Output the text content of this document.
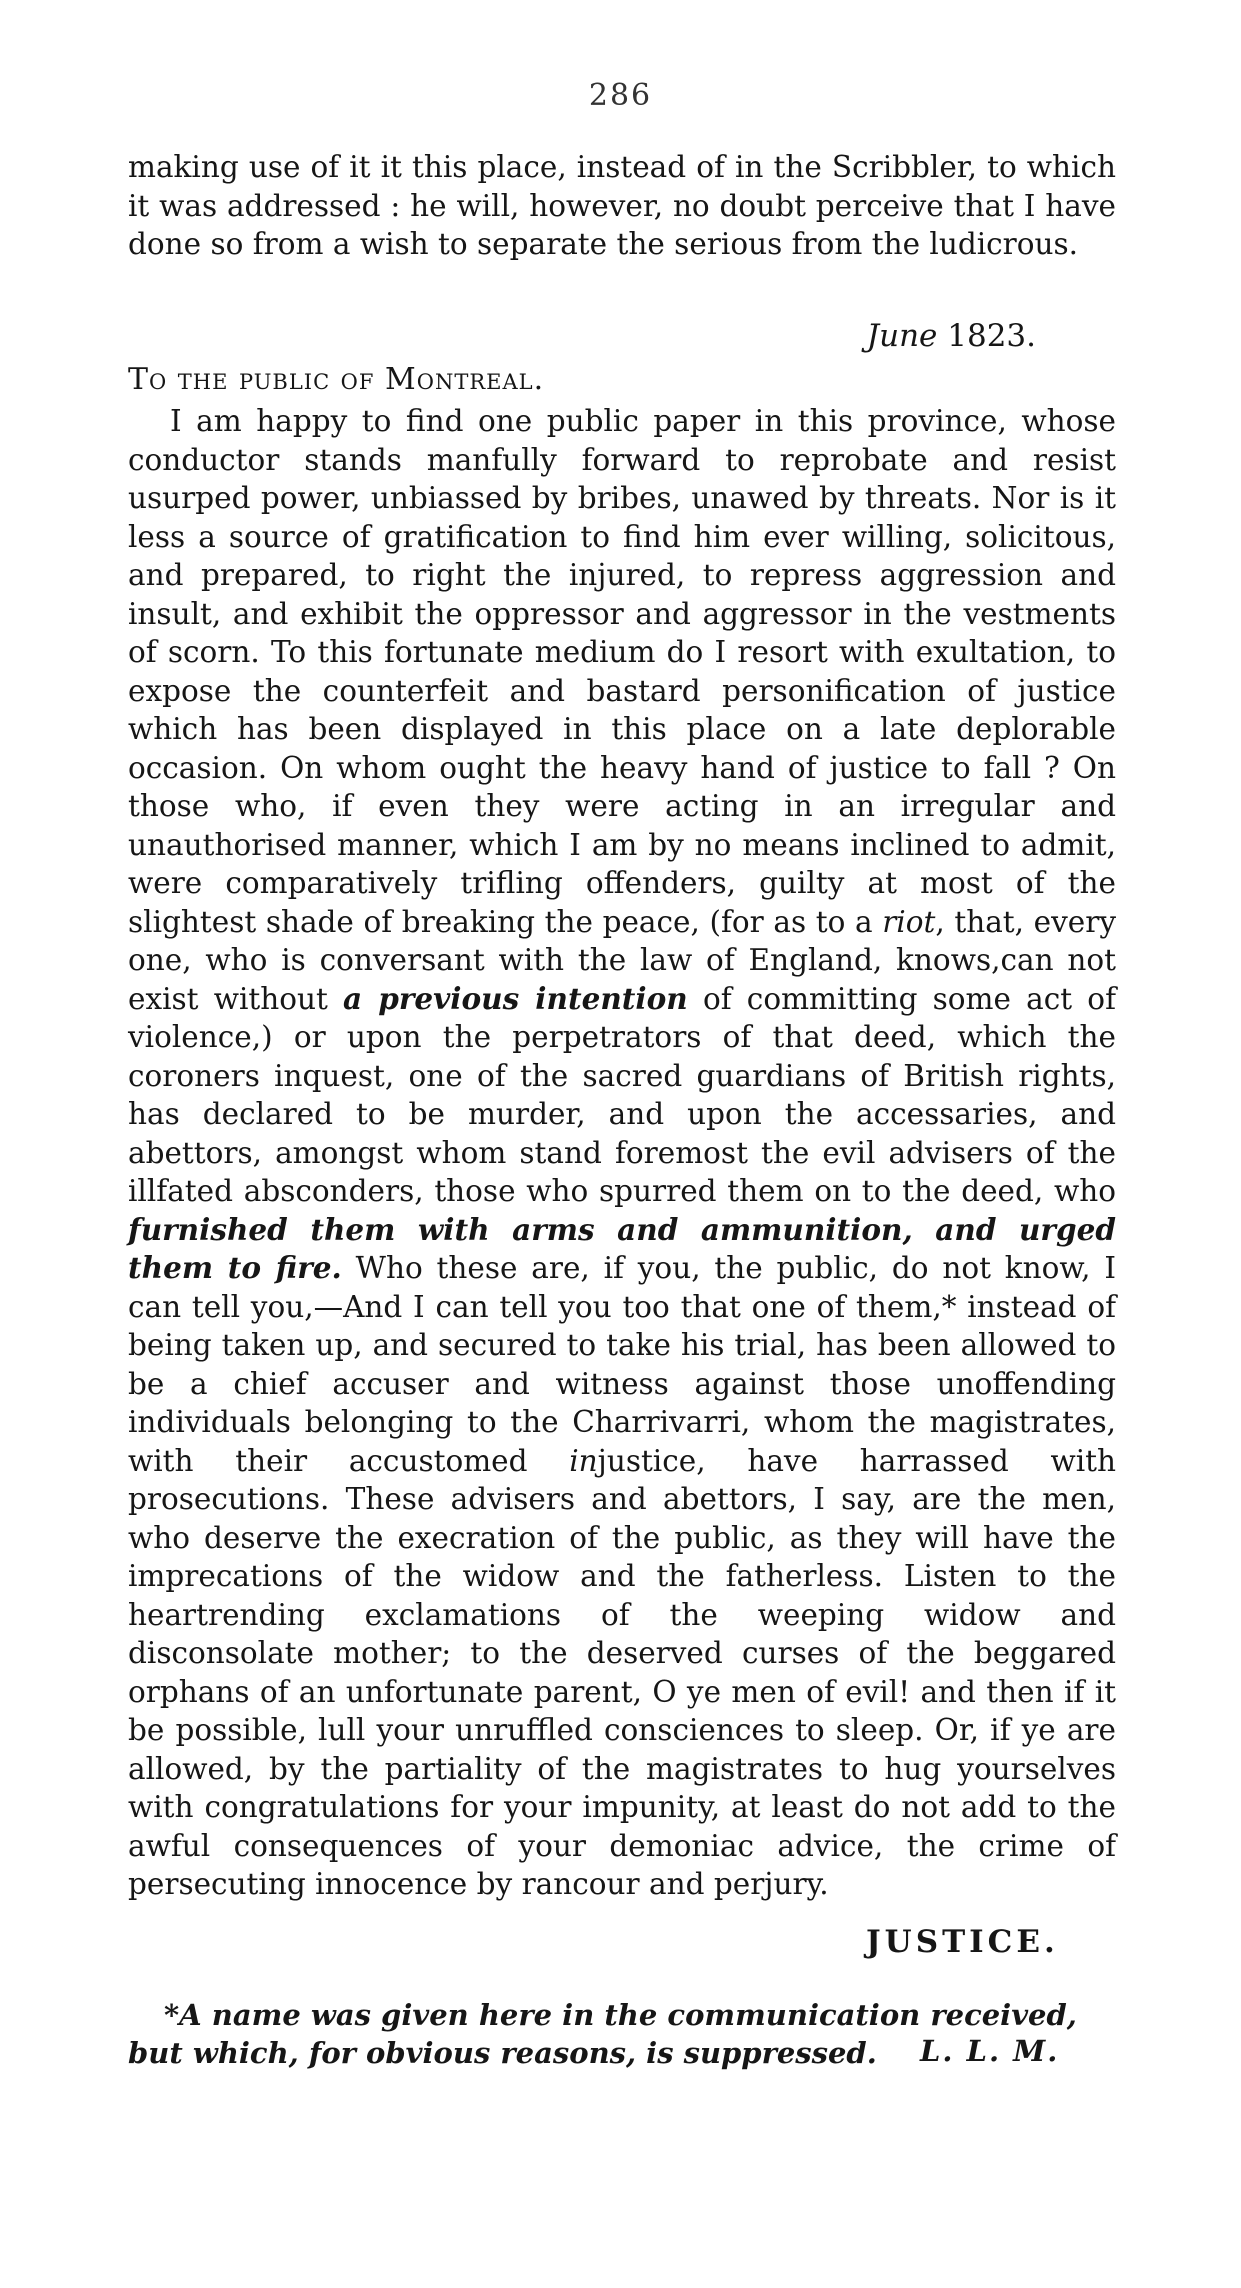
286

making use of it it this place, instead of in the Scribbler, to which it was addressed : he will, however, no doubt perceive that I have done so from a wish to separate the serious from the ludicrous.

June 1823.
To the public of Montreal.

I am happy to find one public paper in this province, whose conductor stands manfully forward to reprobate and resist usurped power, unbiassed by bribes, unawed by threats. Nor is it less a source of gratification to find him ever willing, solicitous, and prepared, to right the injured, to repress aggression and insult, and exhibit the oppressor and aggressor in the vestments of scorn. To this fortunate medium do I resort with exultation, to expose the counterfeit and bastard personification of justice which has been displayed in this place on a late deplorable occasion. On whom ought the heavy hand of justice to fall ? On those who, if even they were acting in an irregular and unauthorised manner, which I am by no means inclined to admit, were comparatively trifling offenders, guilty at most of the slightest shade of breaking the peace, (for as to a riot, that, every one, who is conversant with the law of England, knows,can not exist without a previous intention of committing some act of violence,) or upon the perpetrators of that deed, which the coroners inquest, one of the sacred guardians of British rights, has declared to be murder, and upon the accessaries, and abettors, amongst whom stand foremost the evil advisers of the illfated absconders, those who spurred them on to the deed, who furnished them with arms and ammunition, and urged them to fire. Who these are, if you, the public, do not know, I can tell you,—And I can tell you too that one of them,* instead of being taken up, and secured to take his trial, has been allowed to be a chief accuser and witness against those unoffending individuals belonging to the Charrivarri, whom the magistrates, with their accustomed injustice, have harrassed with prosecutions. These advisers and abettors, I say, are the men, who deserve the execration of the public, as they will have the imprecations of the widow and the fatherless. Listen to the heartrending exclamations of the weeping widow and disconsolate mother; to the deserved curses of the beggared orphans of an unfortunate parent, O ye men of evil! and then if it be possible, lull your unruffled consciences to sleep. Or, if ye are allowed, by the partiality of the magistrates to hug yourselves with congratulations for your impunity, at least do not add to the awful consequences of your demoniac advice, the crime of persecuting innocence by rancour and perjury.

JUSTICE.
*A name was given here in the communication received, but which, for obvious reasons, is suppressed.	L. L. M.
